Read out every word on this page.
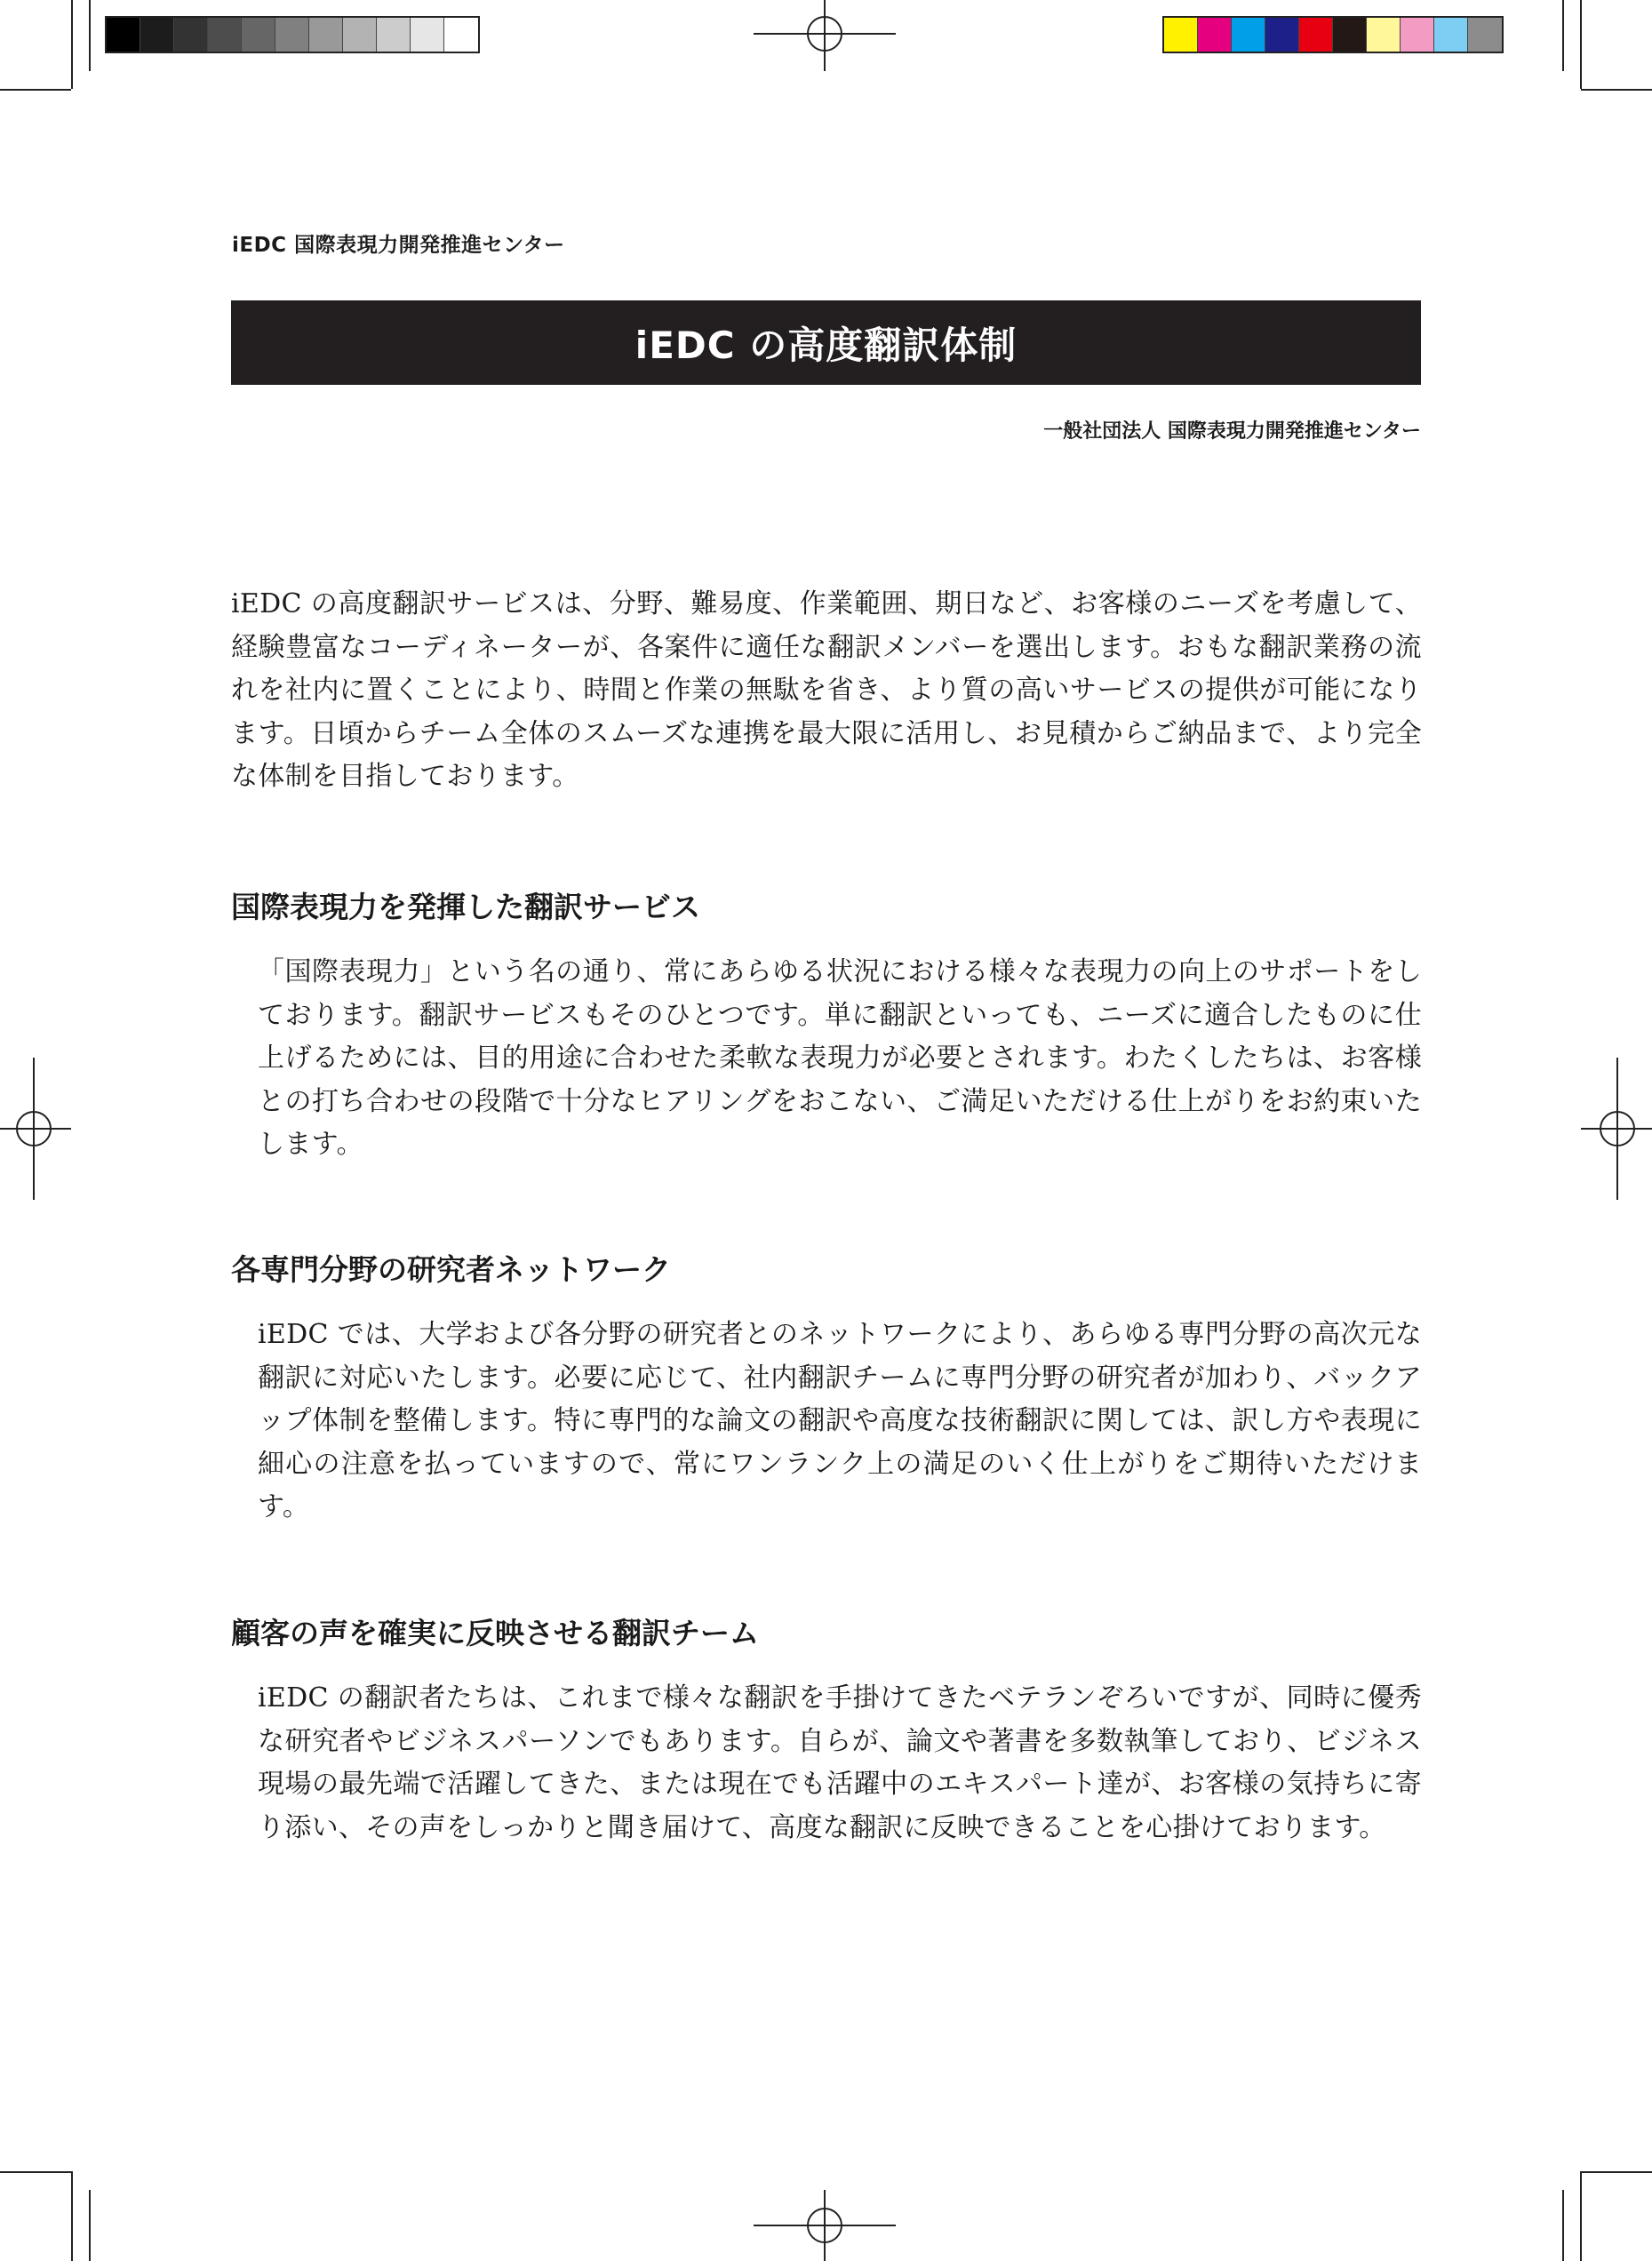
iEDC 国際表現力開発推進センター
iEDC の高度翻訳体制
一般社団法人 国際表現力開発推進センター

iEDC の高度翻訳サービスは、分野、難易度、作業範囲、期日など、お客様のニーズを考慮して、経験豊富なコーディネーターが、各案件に適任な翻訳メンバーを選出します。おもな翻訳業務の流れを社内に置くことにより、時間と作業の無駄を省き、より質の高いサービスの提供が可能になります。日頃からチーム全体のスムーズな連携を最大限に活用し、お見積からご納品まで、より完全な体制を目指しております。

国際表現力を発揮した翻訳サービス

「国際表現力」という名の通り、常にあらゆる状況における様々な表現力の向上のサポートをしております。翻訳サービスもそのひとつです。単に翻訳といっても、ニーズに適合したものに仕上げるためには、目的用途に合わせた柔軟な表現力が必要とされます。わたくしたちは、お客様との打ち合わせの段階で十分なヒアリングをおこない、ご満足いただける仕上がりをお約束いたします。

各専門分野の研究者ネットワーク

iEDC では、大学および各分野の研究者とのネットワークにより、あらゆる専門分野の高次元な翻訳に対応いたします。必要に応じて、社内翻訳チームに専門分野の研究者が加わり、バックアップ体制を整備します。特に専門的な論文の翻訳や高度な技術翻訳に関しては、訳し方や表現に細心の注意を払っていますので、常にワンランク上の満足のいく仕上がりをご期待いただけます。

顧客の声を確実に反映させる翻訳チーム

iEDC の翻訳者たちは、これまで様々な翻訳を手掛けてきたベテランぞろいですが、同時に優秀な研究者やビジネスパーソンでもあります。自らが、論文や著書を多数執筆しており、ビジネス現場の最先端で活躍してきた、または現在でも活躍中のエキスパート達が、お客様の気持ちに寄り添い、その声をしっかりと聞き届けて、高度な翻訳に反映できることを心掛けております。
